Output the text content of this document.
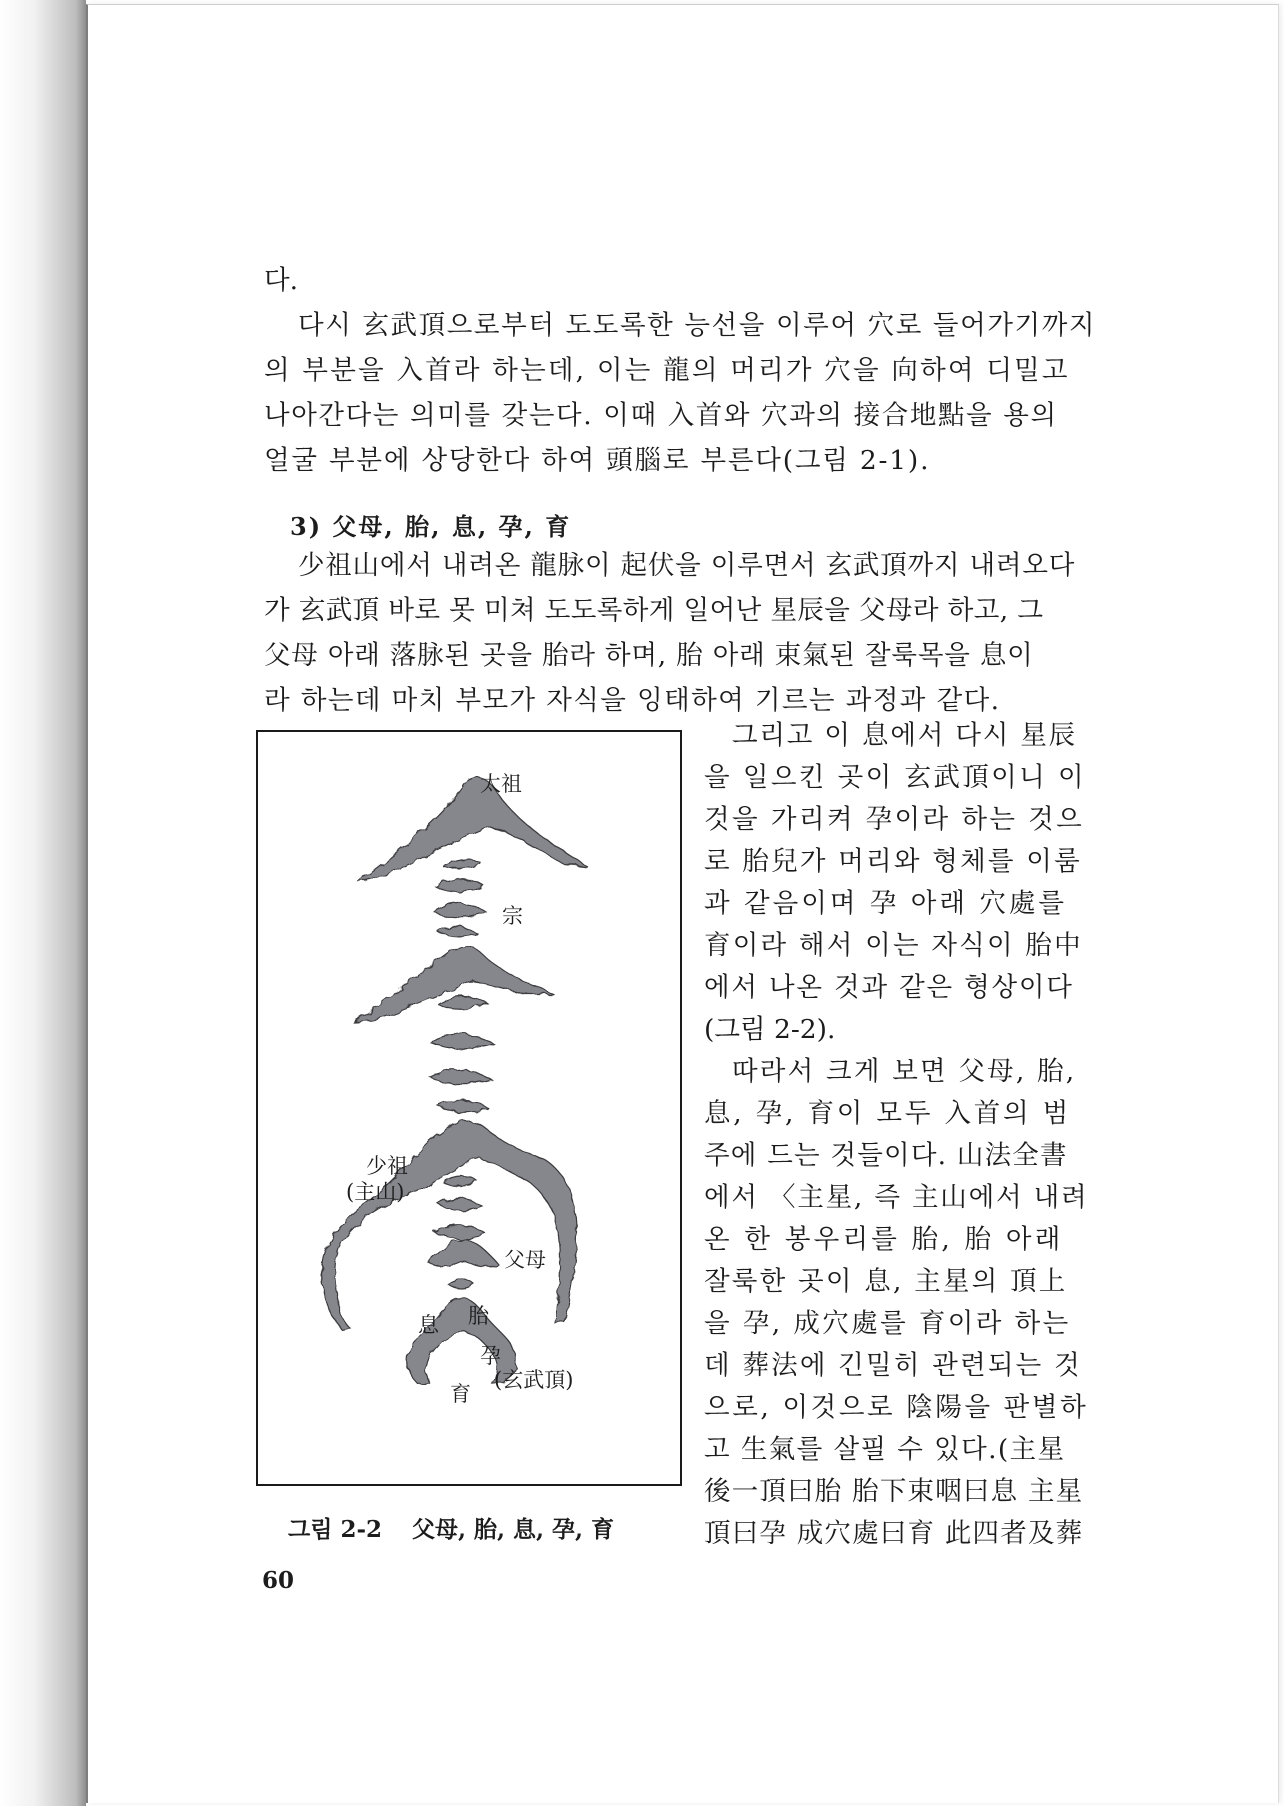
다.

다시 玄武頂으로부터 도도록한 능선을 이루어 穴로 들어가기까지

의 부분을 入首라 하는데, 이는 龍의 머리가 穴을 向하여 디밀고

나아간다는 의미를 갖는다. 이때 入首와 穴과의 接合地點을 용의

얼굴 부분에 상당한다 하여 頭腦로 부른다(그림 2-1).

3) 父母, 胎, 息, 孕, 育

少祖山에서 내려온 龍脉이 起伏을 이루면서 玄武頂까지 내려오다

가 玄武頂 바로 못 미쳐 도도록하게 일어난 星辰을 父母라 하고, 그

父母 아래 落脉된 곳을 胎라 하며, 胎 아래 束氣된 잘룩목을 息이

라 하는데 마치 부모가 자식을 잉태하여 기르는 과정과 같다.

그리고 이 息에서 다시 星辰

을 일으킨 곳이 玄武頂이니 이

것을 가리켜 孕이라 하는 것으

로 胎兒가 머리와 형체를 이룸

과 같음이며 孕 아래 穴處를

育이라 해서 이는 자식이 胎中

에서 나온 것과 같은 형상이다

(그림 2-2).

따라서 크게 보면 父母, 胎,

息, 孕, 育이 모두 入首의 범

주에 드는 것들이다. 山法全書

에서 〈主星, 즉 主山에서 내려

온 한 봉우리를 胎, 胎 아래

잘룩한 곳이 息, 主星의 頂上

을 孕, 成穴處를 育이라 하는

데 葬法에 긴밀히 관련되는 것

으로, 이것으로 陰陽을 판별하

고 生氣를 살필 수 있다.(主星

後一頂曰胎 胎下束咽曰息 主星

頂曰孕 成穴處曰育 此四者及葬

太祖
宗
少祖
(主山)
父母
胎
息
孕
(玄武頂)
育
그림 2-2 父母, 胎, 息, 孕, 育
60
